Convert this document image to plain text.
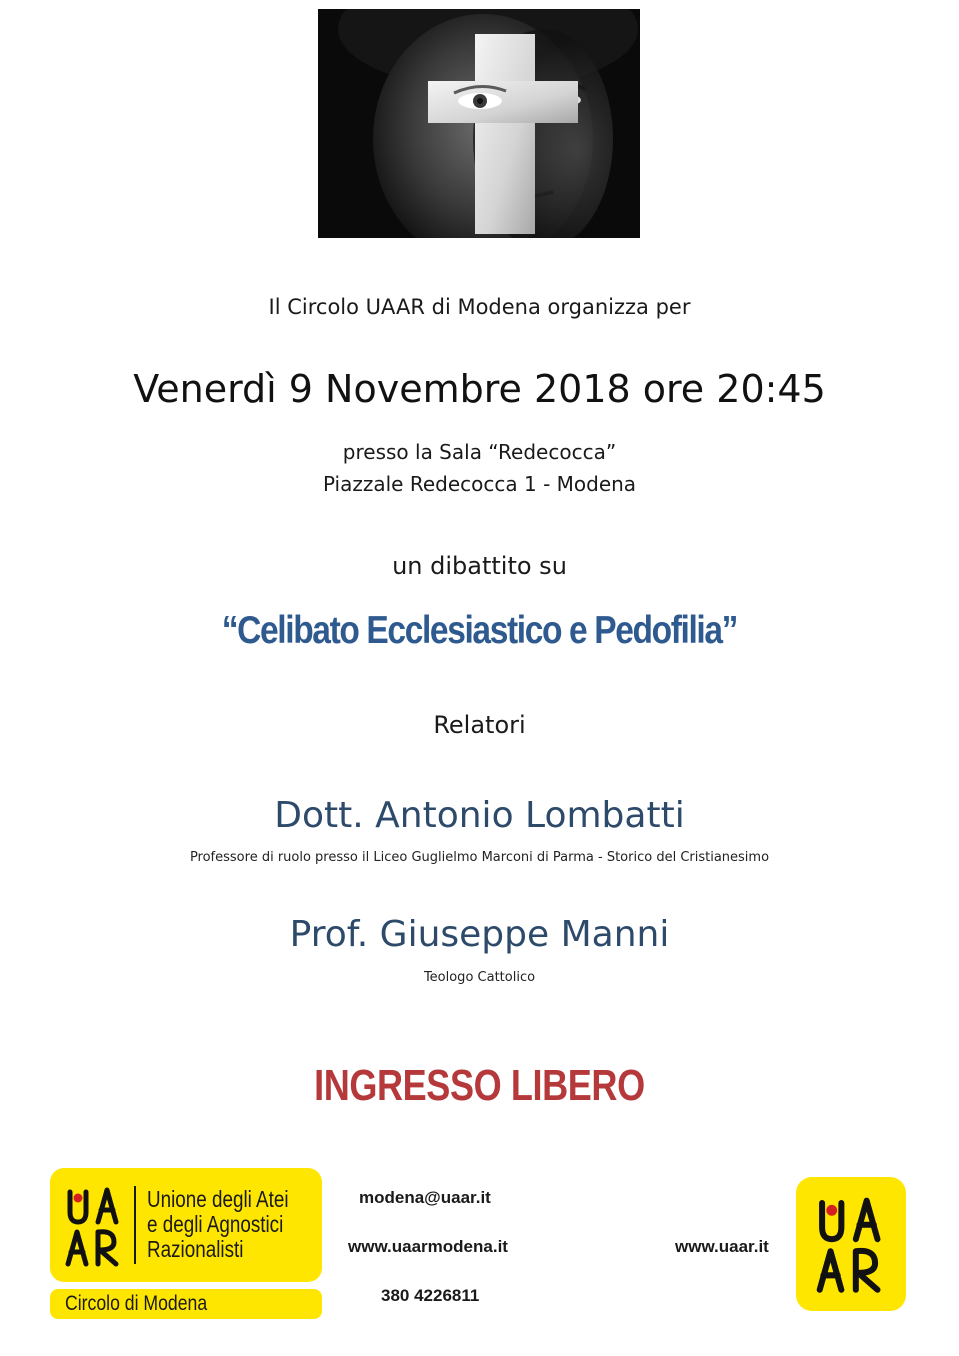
Il Circolo UAAR di Modena organizza per
Venerdì 9 Novembre 2018 ore 20:45
presso la Sala “Redecocca”
Piazzale Redecocca 1 - Modena
un dibattito su
“Celibato Ecclesiastico e Pedofilia”
Relatori
Dott. Antonio Lombatti
Professore di ruolo presso il Liceo Guglielmo Marconi di Parma - Storico del Cristianesimo
Prof. Giuseppe Manni
Teologo Cattolico
INGRESSO LIBERO
Unione degli Atei
e degli Agnostici
Razionalisti
Circolo di Modena
modena@uaar.it
www.uaarmodena.it
380 4226811
www.uaar.it
